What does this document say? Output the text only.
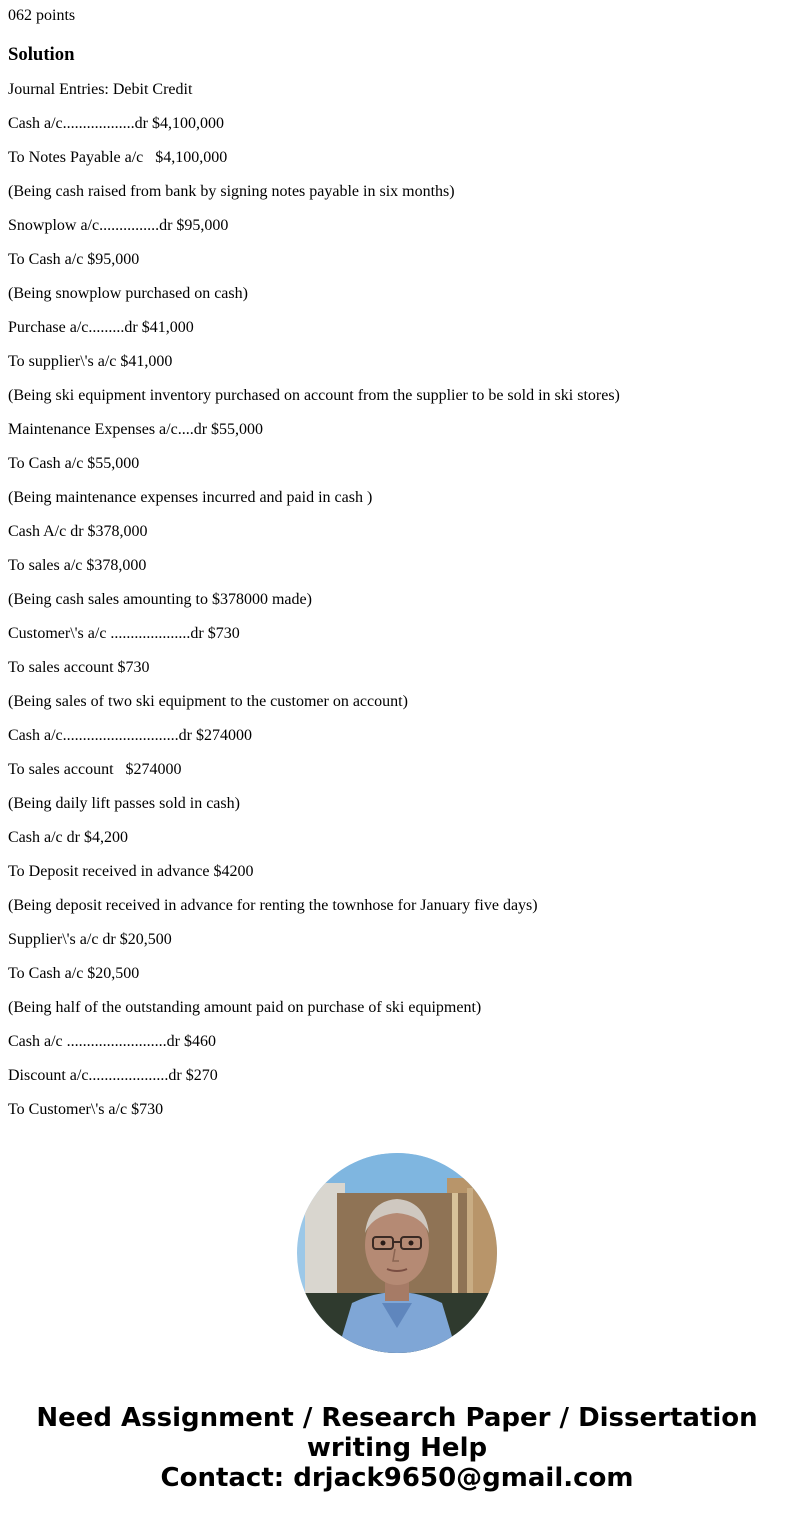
062 points
Solution
Journal Entries: Debit Credit
Cash a/c..................dr $4,100,000
To Notes Payable a/c   $4,100,000
(Being cash raised from bank by signing notes payable in six months)
Snowplow a/c...............dr $95,000
To Cash a/c $95,000
(Being snowplow purchased on cash)
Purchase a/c.........dr $41,000
To supplier\'s a/c $41,000
(Being ski equipment inventory purchased on account from the supplier to be sold in ski stores)
Maintenance Expenses a/c....dr $55,000
To Cash a/c $55,000
(Being maintenance expenses incurred and paid in cash )
Cash A/c dr $378,000
To sales a/c $378,000
(Being cash sales amounting to $378000 made)
Customer\'s a/c ....................dr $730
To sales account $730
(Being sales of two ski equipment to the customer on account)
Cash a/c.............................dr $274000
To sales account   $274000
(Being daily lift passes sold in cash)
Cash a/c dr $4,200
To Deposit received in advance $4200
(Being deposit received in advance for renting the townhose for January five days)
Supplier\'s a/c dr $20,500
To Cash a/c $20,500
(Being half of the outstanding amount paid on purchase of ski equipment)
Cash a/c .........................dr $460
Discount a/c....................dr $270
To Customer\'s a/c $730
Need Assignment / Research Paper / Dissertation
writing Help
Contact: drjack9650@gmail.com
